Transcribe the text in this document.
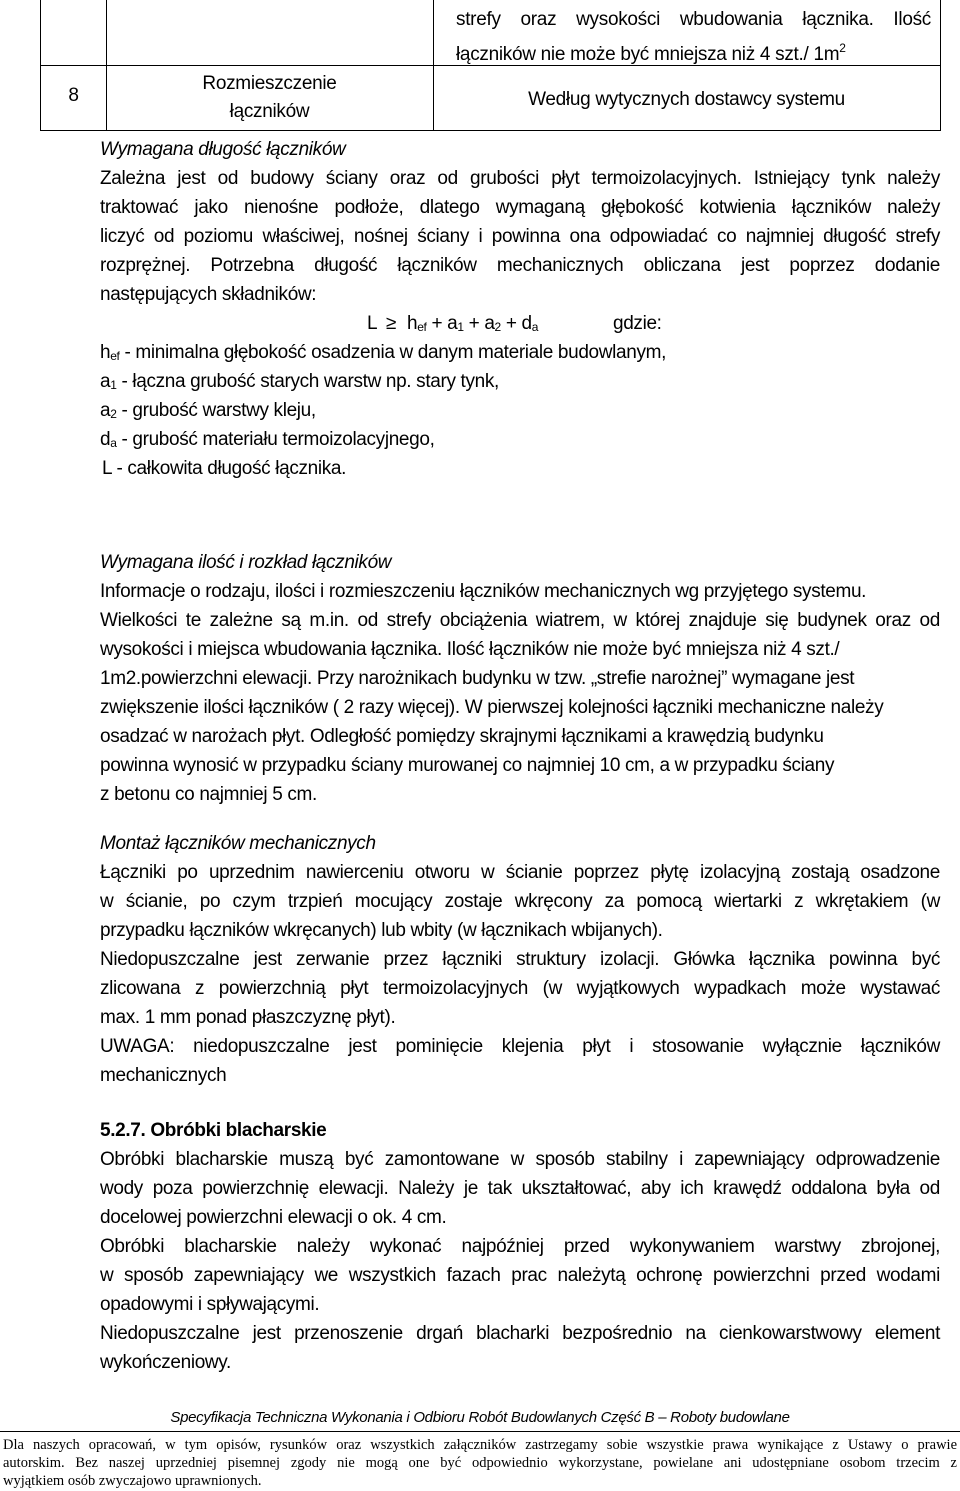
strefy oraz wysokości wbudowania łącznika. Ilość
łączników nie może być mniejsza niż 4 szt./ $1m^2$
8
Rozmieszczenie
łączników
Według wytycznych dostawcy systemu
Wymagana długość łączników
Zależna jest od budowy ściany oraz od grubości płyt termoizolacyjnych. Istniejący tynk należy
traktować jako nienośne podłoże, dlatego wymaganą głębokość kotwienia łączników należy
liczyć od poziomu właściwej, nośnej ściany i powinna ona odpowiadać co najmniej długość strefy
rozprężnej. Potrzebna długość łączników mechanicznych obliczana jest poprzez dodanie
następujących składników:
$L \ge h_{ef} + a_1 + a_2 + d_a$	gdzie:
$h_{ef}$ - minimalna głębokość osadzenia w danym materiale budowlanym,
$a_1$ - łączna grubość starych warstw np. stary tynk,
$a_2$ - grubość warstwy kleju,
$d_a$ - grubość materiału termoizolacyjnego,
L - całkowita długość łącznika.
Wymagana ilość i rozkład łączników
Informacje o rodzaju, ilości i rozmieszczeniu łączników mechanicznych wg przyjętego systemu.
Wielkości te zależne są m.in. od strefy obciążenia wiatrem, w której znajduje się budynek oraz od
wysokości i miejsca wbudowania łącznika. Ilość łączników nie może być mniejsza niż 4 szt./
1m2.powierzchni elewacji. Przy narożnikach budynku w tzw. „strefie narożnej” wymagane jest
zwiększenie ilości łączników ( 2 razy więcej). W pierwszej kolejności łączniki mechaniczne należy
osadzać w narożach płyt. Odległość pomiędzy skrajnymi łącznikami a krawędzią budynku
powinna wynosić w przypadku ściany murowanej co najmniej 10 cm, a w przypadku ściany
z betonu co najmniej 5 cm.
Montaż łączników mechanicznych
Łączniki po uprzednim nawierceniu otworu w ścianie poprzez płytę izolacyjną zostają osadzone
w ścianie, po czym trzpień mocujący zostaje wkręcony za pomocą wiertarki z wkrętakiem (w
przypadku łączników wkręcanych) lub wbity (w łącznikach wbijanych).
Niedopuszczalne jest zerwanie przez łączniki struktury izolacji. Główka łącznika powinna być
zlicowana z powierzchnią płyt termoizolacyjnych (w wyjątkowych wypadkach może wystawać
max. 1 mm ponad płaszczyznę płyt).
UWAGA: niedopuszczalne jest pominięcie klejenia płyt i stosowanie wyłącznie łączników
mechanicznych
5.2.7. Obróbki blacharskie
Obróbki blacharskie muszą być zamontowane w sposób stabilny i zapewniający odprowadzenie
wody poza powierzchnię elewacji. Należy je tak ukształtować, aby ich krawędź oddalona była od
docelowej powierzchni elewacji o ok. 4 cm.
Obróbki blacharskie należy wykonać najpóźniej przed wykonywaniem warstwy zbrojonej,
w sposób zapewniający we wszystkich fazach prac należytą ochronę powierzchni przed wodami
opadowymi i spływającymi.
Niedopuszczalne jest przenoszenie drgań blacharki bezpośrednio na cienkowarstwowy element
wykończeniowy.
Specyfikacja Techniczna Wykonania i Odbioru Robót Budowlanych Część B – Roboty budowlane
Dla naszych opracowań, w tym opisów, rysunków oraz wszystkich załączników zastrzegamy sobie wszystkie prawa wynikające z Ustawy o prawie
autorskim. Bez naszej uprzedniej pisemnej zgody nie mogą one być odpowiednio wykorzystane, powielane ani udostępniane osobom trzecim z
wyjątkiem osób zwyczajowo uprawnionych.
